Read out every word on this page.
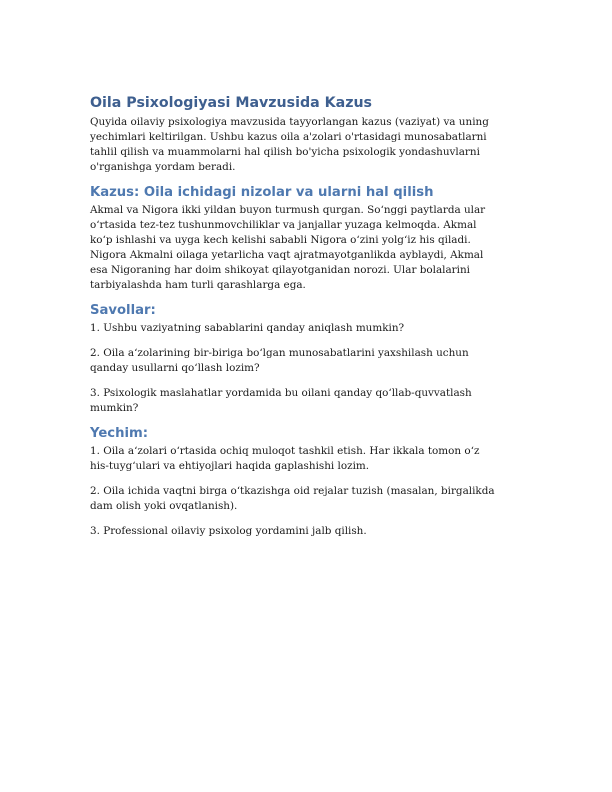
Oila Psixologiyasi Mavzusida Kazus

Quyida oilaviy psixologiya mavzusida tayyorlangan kazus (vaziyat) va uning
yechimlari keltirilgan. Ushbu kazus oila a'zolari o'rtasidagi munosabatlarni
tahlil qilish va muammolarni hal qilish bo'yicha psixologik yondashuvlarni
o'rganishga yordam beradi.

Kazus: Oila ichidagi nizolar va ularni hal qilish

Akmal va Nigora ikki yildan buyon turmush qurgan. So‘nggi paytlarda ular
o‘rtasida tez-tez tushunmovchiliklar va janjallar yuzaga kelmoqda. Akmal
ko‘p ishlashi va uyga kech kelishi sababli Nigora o‘zini yolg‘iz his qiladi.
Nigora Akmalni oilaga yetarlicha vaqt ajratmayotganlikda ayblaydi, Akmal
esa Nigoraning har doim shikoyat qilayotganidan norozi. Ular bolalarini
tarbiyalashda ham turli qarashlarga ega.

Savollar:

1. Ushbu vaziyatning sabablarini qanday aniqlash mumkin?

2. Oila a‘zolarining bir-biriga bo‘lgan munosabatlarini yaxshilash uchun
qanday usullarni qo‘llash lozim?

3. Psixologik maslahatlar yordamida bu oilani qanday qo‘llab-quvvatlash
mumkin?

Yechim:

1. Oila a‘zolari o‘rtasida ochiq muloqot tashkil etish. Har ikkala tomon o‘z
his-tuyg‘ulari va ehtiyojlari haqida gaplashishi lozim.

2. Oila ichida vaqtni birga o‘tkazishga oid rejalar tuzish (masalan, birgalikda
dam olish yoki ovqatlanish).

3. Professional oilaviy psixolog yordamini jalb qilish.
